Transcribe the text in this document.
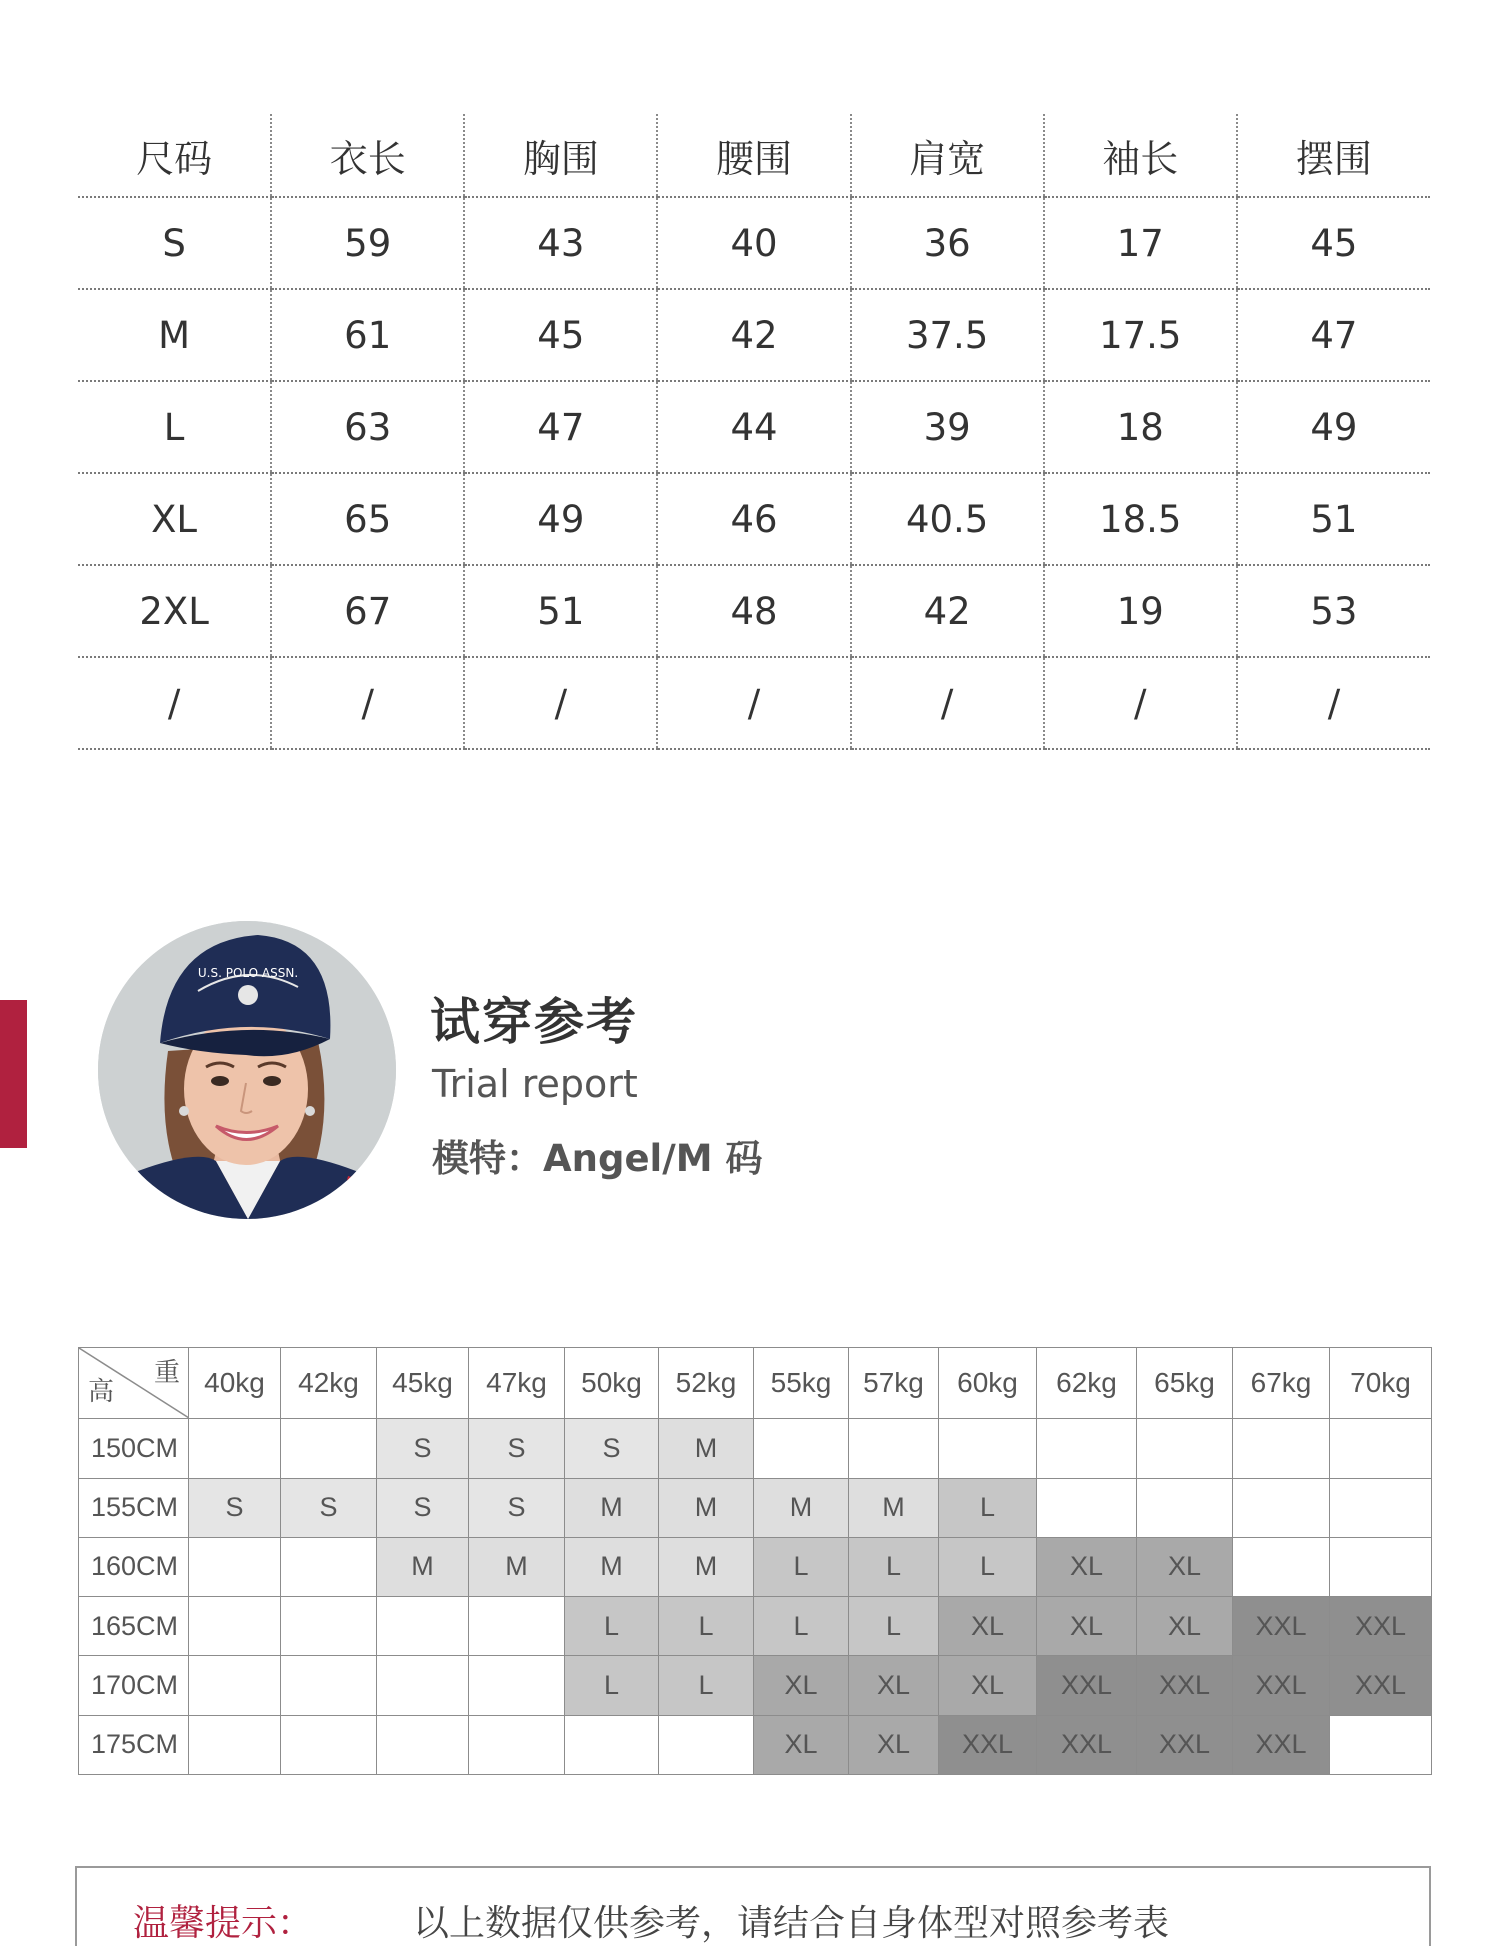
尺码	衣长	胸围	腰围	肩宽	袖长	摆围
S	59	43	40	36	17	45
M	61	45	42	37.5	17.5	47
L	63	47	44	39	18	49
XL	65	49	46	40.5	18.5	51
2XL	67	51	48	42	19	53
/	/	/	/	/	/	/
U.S. POLO ASSN.
试穿参考
Trial report
模特：Angel/M 码
重
高	40kg	42kg	45kg	47kg	50kg	52kg	55kg	57kg	60kg	62kg	65kg	67kg	70kg
150CM			S	S	S	M							
155CM	S	S	S	S	M	M	M	M	L				
160CM			M	M	M	M	L	L	L	XL	XL		
165CM					L	L	L	L	XL	XL	XL	XXL	XXL
170CM					L	L	XL	XL	XL	XXL	XXL	XXL	XXL
175CM							XL	XL	XXL	XXL	XXL	XXL	
温馨提示：	以上数据仅供参考，请结合自身体型对照参考表
